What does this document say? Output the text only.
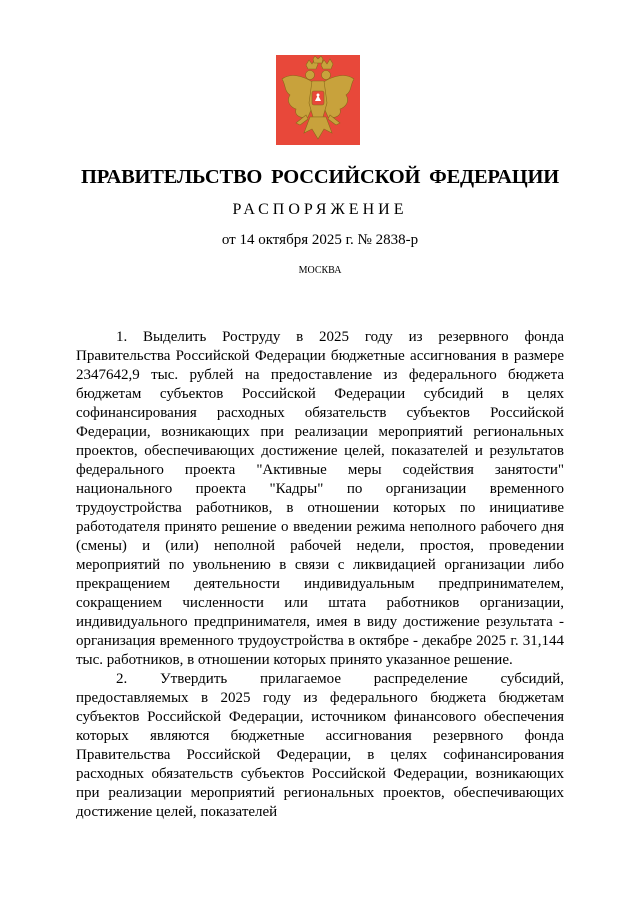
ПРАВИТЕЛЬСТВО РОССИЙСКОЙ ФЕДЕРАЦИИ
РАСПОРЯЖЕНИЕ
от 14 октября 2025 г. № 2838-р
МОСКВА

1. Выделить Роструду в 2025 году из резервного фонда Правительства Российской Федерации бюджетные ассигнования в размере 2347642,9 тыс. рублей на предоставление из федерального бюджета бюджетам субъектов Российской Федерации субсидий в целях софинансирования расходных обязательств субъектов Российской Федерации, возникающих при реализации мероприятий региональных проектов, обеспечивающих достижение целей, показателей и результатов федерального проекта "Активные меры содействия занятости" национального проекта "Кадры" по организации временного трудоустройства работников, в отношении которых по инициативе работодателя принято решение о введении режима неполного рабочего дня (смены) и (или) неполной рабочей недели, простоя, проведении мероприятий по увольнению в связи с ликвидацией организации либо прекращением деятельности индивидуальным предпринимателем, сокращением численности или штата работников организации, индивидуального предпринимателя, имея в виду достижение результата - организация временного трудоустройства в октябре - декабре 2025 г. 31,144 тыс. работников, в отношении которых принято указанное решение.

2. Утвердить прилагаемое распределение субсидий, предоставляемых в 2025 году из федерального бюджета бюджетам субъектов Российской Федерации, источником финансового обеспечения которых являются бюджетные ассигнования резервного фонда Правительства Российской Федерации, в целях софинансирования расходных обязательств субъектов Российской Федерации, возникающих при реализации мероприятий региональных проектов, обеспечивающих достижение целей, показателей
